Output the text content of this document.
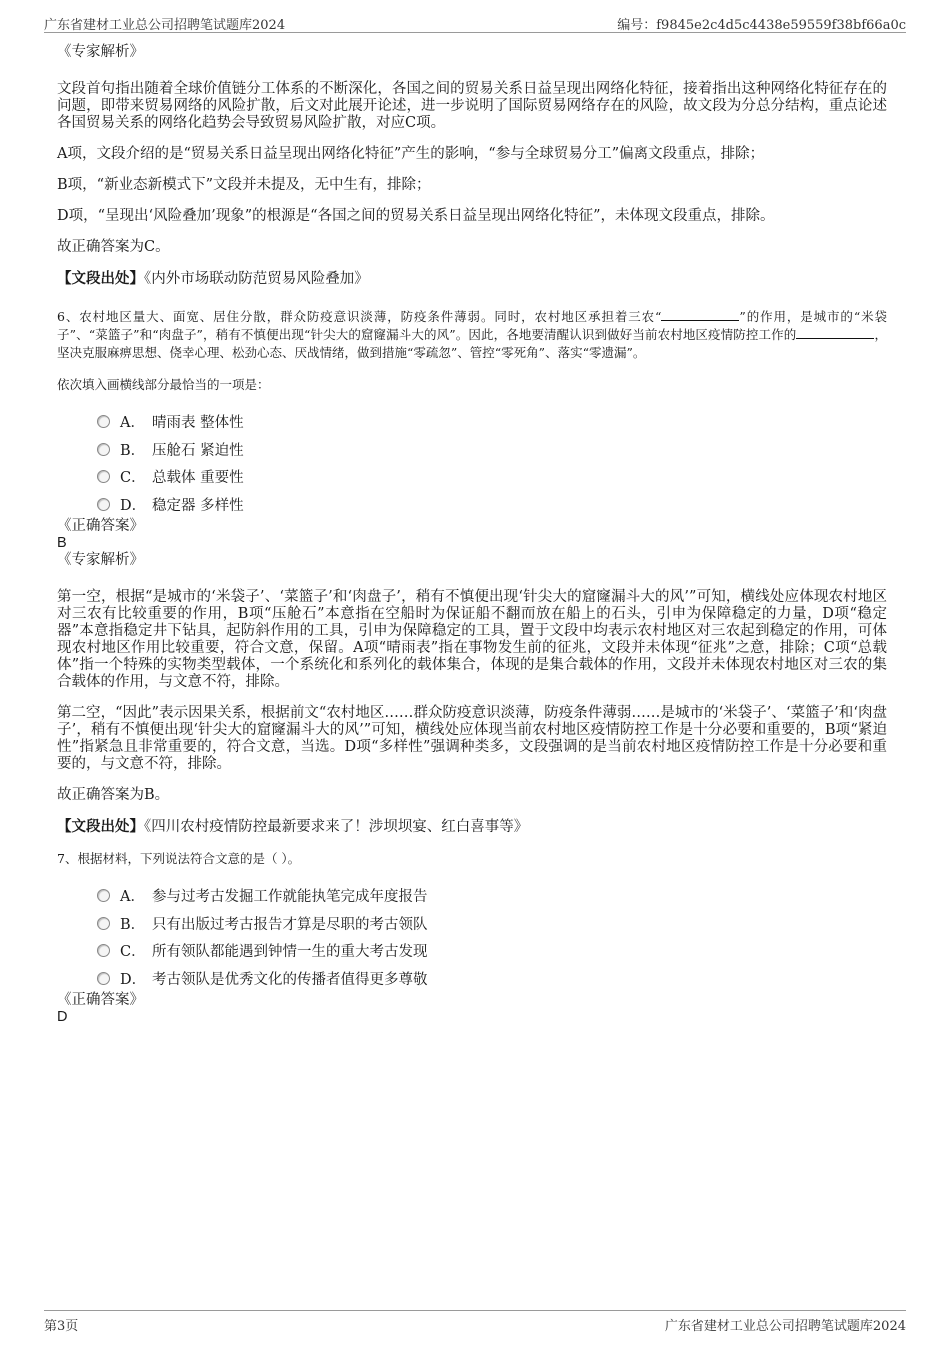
广东省建材工业总公司招聘笔试题库2024	编号：f9845e2c4d5c4438e59559f38bf66a0c

《专家解析》

文段首句指出随着全球价值链分工体系的不断深化，各国之间的贸易关系日益呈现出网络化特征，接着指出这种网络化特征存在的问题，即带来贸易网络的风险扩散，后文对此展开论述，进一步说明了国际贸易网络存在的风险，故文段为分总分结构，重点论述各国贸易关系的网络化趋势会导致贸易风险扩散，对应C项。

A项，文段介绍的是“贸易关系日益呈现出网络化特征”产生的影响，“参与全球贸易分工”偏离文段重点，排除；

B项，“新业态新模式下”文段并未提及，无中生有，排除；

D项，“呈现出‘风险叠加’现象”的根源是“各国之间的贸易关系日益呈现出网络化特征”，未体现文段重点，排除。

故正确答案为C。

【文段出处】《内外市场联动防范贸易风险叠加》

6、农村地区量大、面宽、居住分散，群众防疫意识淡薄，防疫条件薄弱。同时，农村地区承担着三农“	”的作用，是城市的“米袋子”、“菜篮子”和“肉盘子”，稍有不慎便出现“针尖大的窟窿漏斗大的风”。因此，各地要清醒认识到做好当前农村地区疫情防控工作的	，坚决克服麻痹思想、侥幸心理、松劲心态、厌战情绪，做到措施“零疏忽”、管控“零死角”、落实“零遗漏”。

依次填入画横线部分最恰当的一项是：

A． 晴雨表 整体性
B． 压舱石 紧迫性
C． 总载体 重要性
D． 稳定器 多样性

《正确答案》

B

《专家解析》

第一空，根据“是城市的‘米袋子’、‘菜篮子’和‘肉盘子’，稍有不慎便出现‘针尖大的窟窿漏斗大的风’”可知，横线处应体现农村地区对三农有比较重要的作用，B项“压舱石”本意指在空船时为保证船不翻而放在船上的石头，引申为保障稳定的力量，D项“稳定器”本意指稳定井下钻具，起防斜作用的工具，引申为保障稳定的工具，置于文段中均表示农村地区对三农起到稳定的作用，可体现农村地区作用比较重要，符合文意，保留。A项“晴雨表”指在事物发生前的征兆，文段并未体现“征兆”之意，排除；C项“总载体”指一个特殊的实物类型载体，一个系统化和系列化的载体集合，体现的是集合载体的作用，文段并未体现农村地区对三农的集合载体的作用，与文意不符，排除。

第二空，“因此”表示因果关系，根据前文“农村地区……群众防疫意识淡薄，防疫条件薄弱……是城市的‘米袋子’、‘菜篮子’和‘肉盘子’，稍有不慎便出现‘针尖大的窟窿漏斗大的风’”可知，横线处应体现当前农村地区疫情防控工作是十分必要和重要的，B项“紧迫性”指紧急且非常重要的，符合文意，当选。D项“多样性”强调种类多，文段强调的是当前农村地区疫情防控工作是十分必要和重要的，与文意不符，排除。

故正确答案为B。

【文段出处】《四川农村疫情防控最新要求来了！涉坝坝宴、红白喜事等》

7、根据材料，下列说法符合文意的是（ ）。

A． 参与过考古发掘工作就能执笔完成年度报告
B． 只有出版过考古报告才算是尽职的考古领队
C． 所有领队都能遇到钟情一生的重大考古发现
D． 考古领队是优秀文化的传播者值得更多尊敬

《正确答案》

D

第3页	广东省建材工业总公司招聘笔试题库2024
